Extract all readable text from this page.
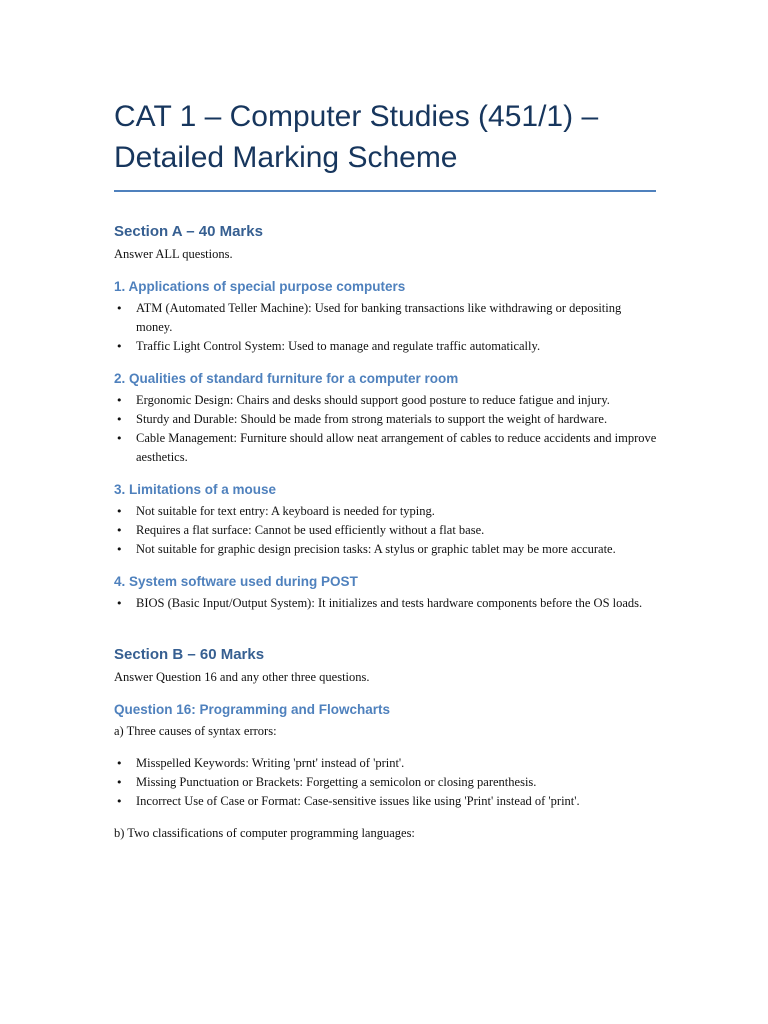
CAT 1 – Computer Studies (451/1) – Detailed Marking Scheme
Section A – 40 Marks

Answer ALL questions.

1. Applications of special purpose computers
• ATM (Automated Teller Machine): Used for banking transactions like withdrawing or depositing money.
• Traffic Light Control System: Used to manage and regulate traffic automatically.
2. Qualities of standard furniture for a computer room
• Ergonomic Design: Chairs and desks should support good posture to reduce fatigue and injury.
• Sturdy and Durable: Should be made from strong materials to support the weight of hardware.
• Cable Management: Furniture should allow neat arrangement of cables to reduce accidents and improve aesthetics.
3. Limitations of a mouse
• Not suitable for text entry: A keyboard is needed for typing.
• Requires a flat surface: Cannot be used efficiently without a flat base.
• Not suitable for graphic design precision tasks: A stylus or graphic tablet may be more accurate.
4. System software used during POST
• BIOS (Basic Input/Output System): It initializes and tests hardware components before the OS loads.
Section B – 60 Marks

Answer Question 16 and any other three questions.

Question 16: Programming and Flowcharts

a) Three causes of syntax errors:

• Misspelled Keywords: Writing 'prnt' instead of 'print'.
• Missing Punctuation or Brackets: Forgetting a semicolon or closing parenthesis.
• Incorrect Use of Case or Format: Case-sensitive issues like using 'Print' instead of 'print'.

b) Two classifications of computer programming languages:
